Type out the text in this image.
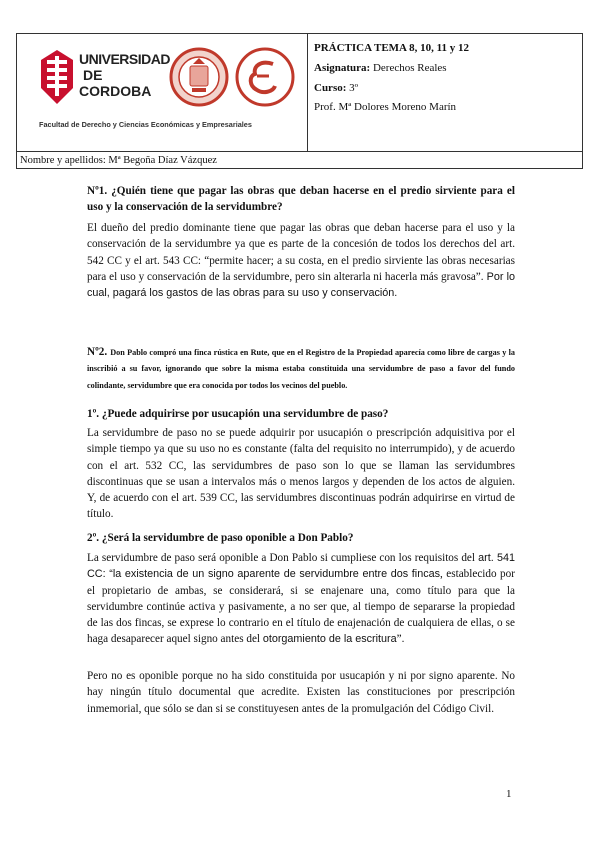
UNIVERSIDAD
DE
CORDOBA
Facultad de Derecho y Ciencias Económicas y Empresariales
PRÁCTICA TEMA 8, 10, 11 y 12
Asignatura: Derechos Reales
Curso: 3º
Prof. Mª Dolores Moreno Marín
Nombre y apellidos: Mª Begoña Díaz Vázquez
Nº1. ¿Quién tiene que pagar las obras que deban hacerse en el predio sirviente para el uso y la conservación de la servidumbre?
El dueño del predio dominante tiene que pagar las obras que deban hacerse para el uso y la conservación de la servidumbre ya que es parte de la concesión de todos los derechos del art. 542 CC y el art. 543 CC: “permite hacer; a su costa, en el predio sirviente las obras necesarias para el uso y conservación de la servidumbre, pero sin alterarla ni hacerla más gravosa”. Por lo cual, pagará los gastos de las obras para su uso y conservación.
Nº2. Don Pablo compró una finca rústica en Rute, que en el Registro de la Propiedad aparecía como libre de cargas y la inscribió a su favor, ignorando que sobre la misma estaba constituida una servidumbre de paso a favor del fundo colindante, servidumbre que era conocida por todos los vecinos del pueblo.
1º. ¿Puede adquirirse por usucapión una servidumbre de paso?
La servidumbre de paso no se puede adquirir por usucapión o prescripción adquisitiva por el simple tiempo ya que su uso no es constante (falta del requisito no interrumpido), y de acuerdo con el art. 532 CC, las servidumbres de paso son lo que se llaman las servidumbres discontinuas que se usan a intervalos más o menos largos y dependen de los actos de alguien. Y, de acuerdo con el art. 539 CC, las servidumbres discontinuas podrán adquirirse en virtud de título.
2º. ¿Será la servidumbre de paso oponible a Don Pablo?
La servidumbre de paso será oponible a Don Pablo si cumpliese con los requisitos del art. 541 CC: “la existencia de un signo aparente de servidumbre entre dos fincas, establecido por el propietario de ambas, se considerará, si se enajenare una, como título para que la servidumbre continúe activa y pasivamente, a no ser que, al tiempo de separarse la propiedad de las dos fincas, se exprese lo contrario en el título de enajenación de cualquiera de ellas, o se haga desaparecer aquel signo antes del otorgamiento de la escritura”.
Pero no es oponible porque no ha sido constituida por usucapión y ni por signo aparente. No hay ningún título documental que acredite. Existen las constituciones por prescripción inmemorial, que sólo se dan si se constituyesen antes de la promulgación del Código Civil.
1
